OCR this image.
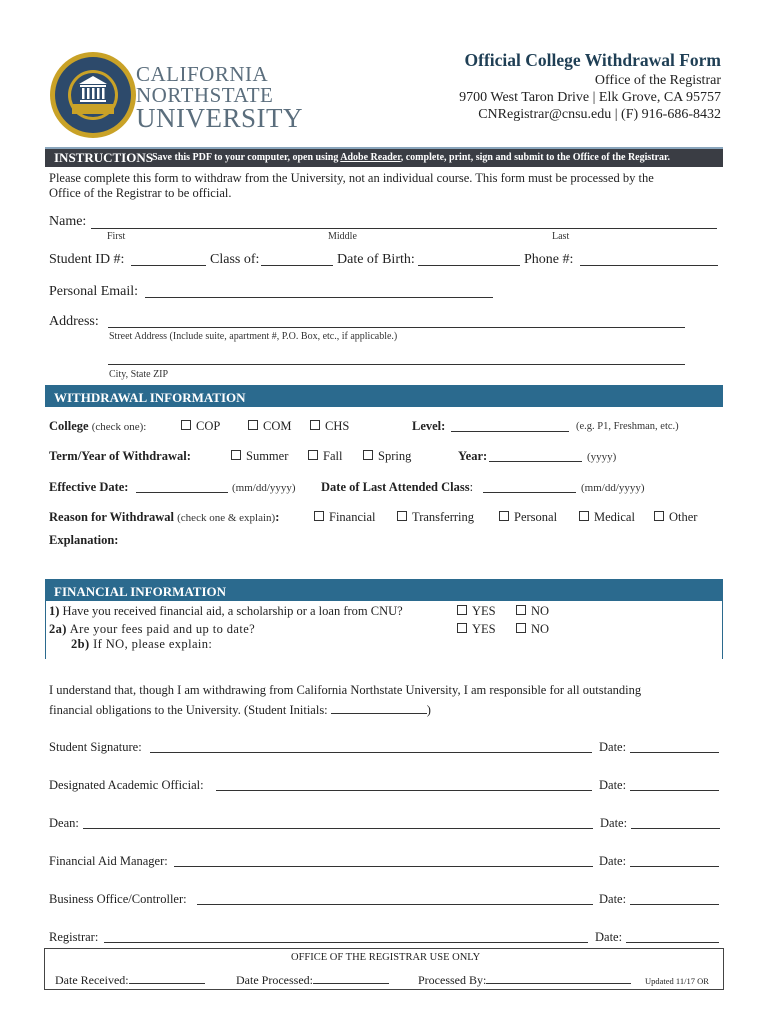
CALIFORNIA
NORTHSTATE
UNIVERSITY
Official College Withdrawal Form
Office of the Registrar
9700 West Taron Drive | Elk Grove, CA 95757
CNRegistrar@cnsu.edu | (F) 916-686-8432
INSTRUCTIONS Save this PDF to your computer, open using Adobe Reader, complete, print, sign and submit to the Office of the Registrar.
Please complete this form to withdraw from the University, not an individual course. This form must be processed by the
Office of the Registrar to be official.
Name:
First	Middle	Last
Student ID #:	Class of:	Date of Birth:	Phone #:
Personal Email:
Address:
Street Address (Include suite, apartment #, P.O. Box, etc., if applicable.)
City, State ZIP
WITHDRAWAL INFORMATION
College (check one):	COP	COM	CHS	Level:	(e.g. P1, Freshman, etc.)
Term/Year of Withdrawal:	Summer	Fall	Spring	Year:	(yyyy)
Effective Date:	(mm/dd/yyyy) Date of Last Attended Class:	(mm/dd/yyyy)
Reason for Withdrawal (check one & explain):	Financial	Transferring	Personal	Medical	Other
Explanation:
FINANCIAL INFORMATION
1) Have you received financial aid, a scholarship or a loan from CNU?	YES	NO
2a) Are your fees paid and up to date?	YES	NO
2b) If NO, please explain:
I understand that, though I am withdrawing from California Northstate University, I am responsible for all outstanding
financial obligations to the University. (Student Initials:	)
Student Signature:	Date:
Designated Academic Official:	Date:
Dean:	Date:
Financial Aid Manager:	Date:
Business Office/Controller:	Date:
Registrar:	Date:
OFFICE OF THE REGISTRAR USE ONLY
Date Received:	Date Processed:	Processed By:	Updated 11/17 OR
